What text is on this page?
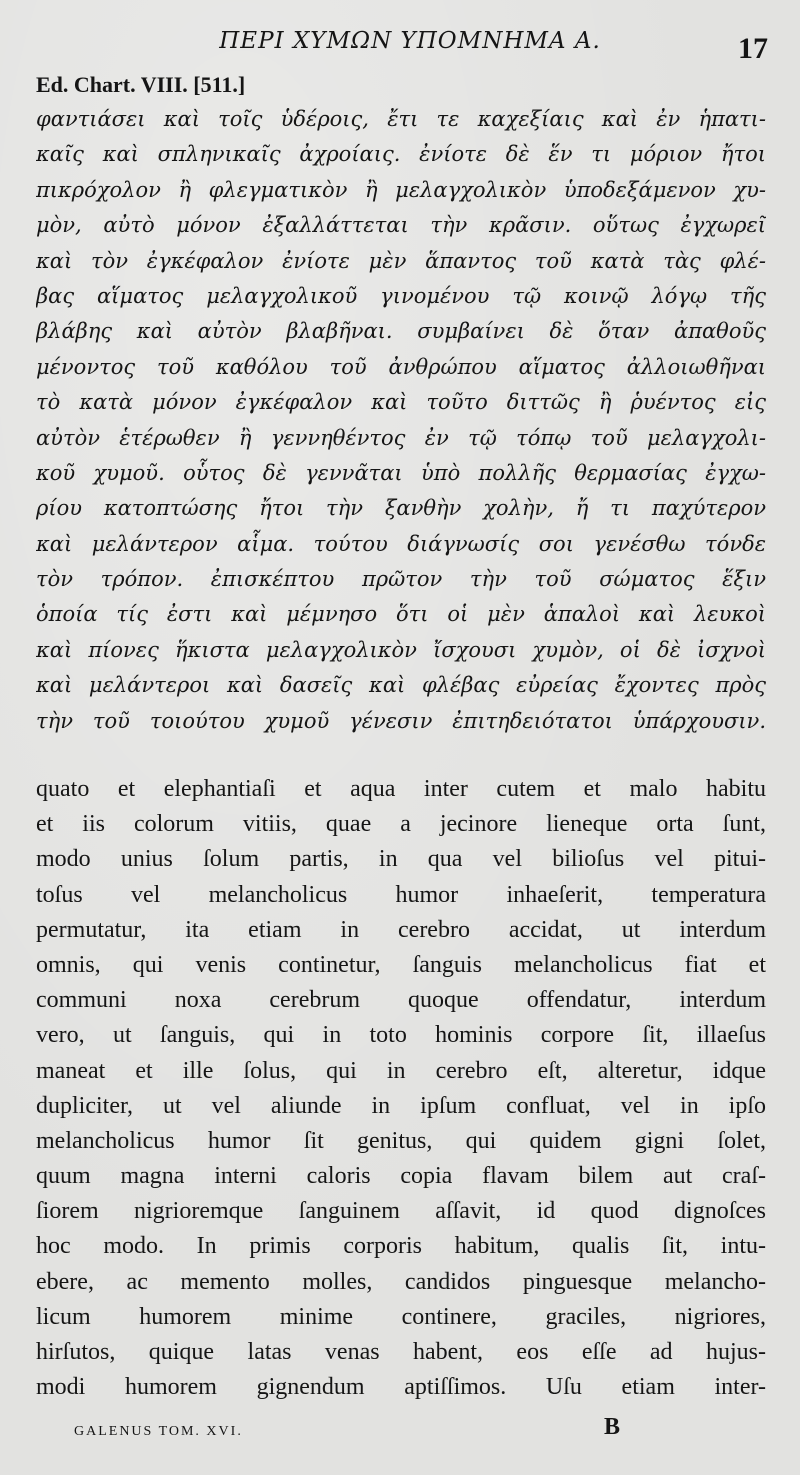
ΠΕΡΙ ΧΥΜΩΝ ΥΠΟΜΝΗΜΑ Α.	17
Ed. Chart. VIII. [511.]
φαντιάσει καὶ τοῖς ὑδέροις, ἔτι τε καχεξίαις καὶ ἐν ἡπατι-
καῖς καὶ σπληνικαῖς ἀχροίαις. ἐνίοτε δὲ ἕν τι μόριον ἤτοι
πικρόχολον ἢ φλεγματικὸν ἢ μελαγχολικὸν ὑποδεξάμενον χυ-
μὸν, αὐτὸ μόνον ἐξαλλάττεται τὴν κρᾶσιν. οὕτως ἐγχωρεῖ
καὶ τὸν ἐγκέφαλον ἐνίοτε μὲν ἅπαντος τοῦ κατὰ τὰς φλέ-
βας αἵματος μελαγχολικοῦ γινομένου τῷ κοινῷ λόγῳ τῆς
βλάβης καὶ αὐτὸν βλαβῆναι. συμβαίνει δὲ ὅταν ἀπαθοῦς
μένοντος τοῦ καθόλου τοῦ ἀνθρώπου αἵματος ἀλλοιωθῆναι
τὸ κατὰ μόνον ἐγκέφαλον καὶ τοῦτο διττῶς ἢ ῥυέντος εἰς
αὐτὸν ἑτέρωθεν ἢ γεννηθέντος ἐν τῷ τόπῳ τοῦ μελαγχολι-
κοῦ χυμοῦ. οὗτος δὲ γεννᾶται ὑπὸ πολλῆς θερμασίας ἐγχω-
ρίου κατοπτώσης ἤτοι τὴν ξανθὴν χολὴν, ἤ τι παχύτερον
καὶ μελάντερον αἷμα. τούτου διάγνωσίς σοι γενέσθω τόνδε
τὸν τρόπον. ἐπισκέπτου πρῶτον τὴν τοῦ σώματος ἕξιν
ὁποία τίς ἐστι καὶ μέμνησο ὅτι οἱ μὲν ἁπαλοὶ καὶ λευκοὶ
καὶ πίονες ἥκιστα μελαγχολικὸν ἴσχουσι χυμὸν, οἱ δὲ ἰσχνοὶ
καὶ μελάντεροι καὶ δασεῖς καὶ φλέβας εὐρείας ἔχοντες πρὸς
τὴν τοῦ τοιούτου χυμοῦ γένεσιν ἐπιτηδειότατοι ὑπάρχουσιν.
quato et elephantiaſi et aqua inter cutem et malo habitu
et iis colorum vitiis, quae a jecinore lieneque orta ſunt,
modo unius ſolum partis, in qua vel bilioſus vel pitui-
toſus vel melancholicus humor inhaeſerit, temperatura
permutatur, ita etiam in cerebro accidat, ut interdum
omnis, qui venis continetur, ſanguis melancholicus fiat et
communi noxa cerebrum quoque offendatur, interdum
vero, ut ſanguis, qui in toto hominis corpore ſit, illaeſus
maneat et ille ſolus, qui in cerebro eſt, alteretur, idque
dupliciter, ut vel aliunde in ipſum confluat, vel in ipſo
melancholicus humor ſit genitus, qui quidem gigni ſolet,
quum magna interni caloris copia flavam bilem aut craſ-
ſiorem nigrioremque ſanguinem aſſavit, id quod dignoſces
hoc modo. In primis corporis habitum, qualis ſit, intu-
ebere, ac memento molles, candidos pinguesque melancho-
licum humorem minime continere, graciles, nigriores,
hirſutos, quique latas venas habent, eos eſſe ad hujus-
modi humorem gignendum aptiſſimos. Uſu etiam inter-
GALENUS TOM. XVI.	B
